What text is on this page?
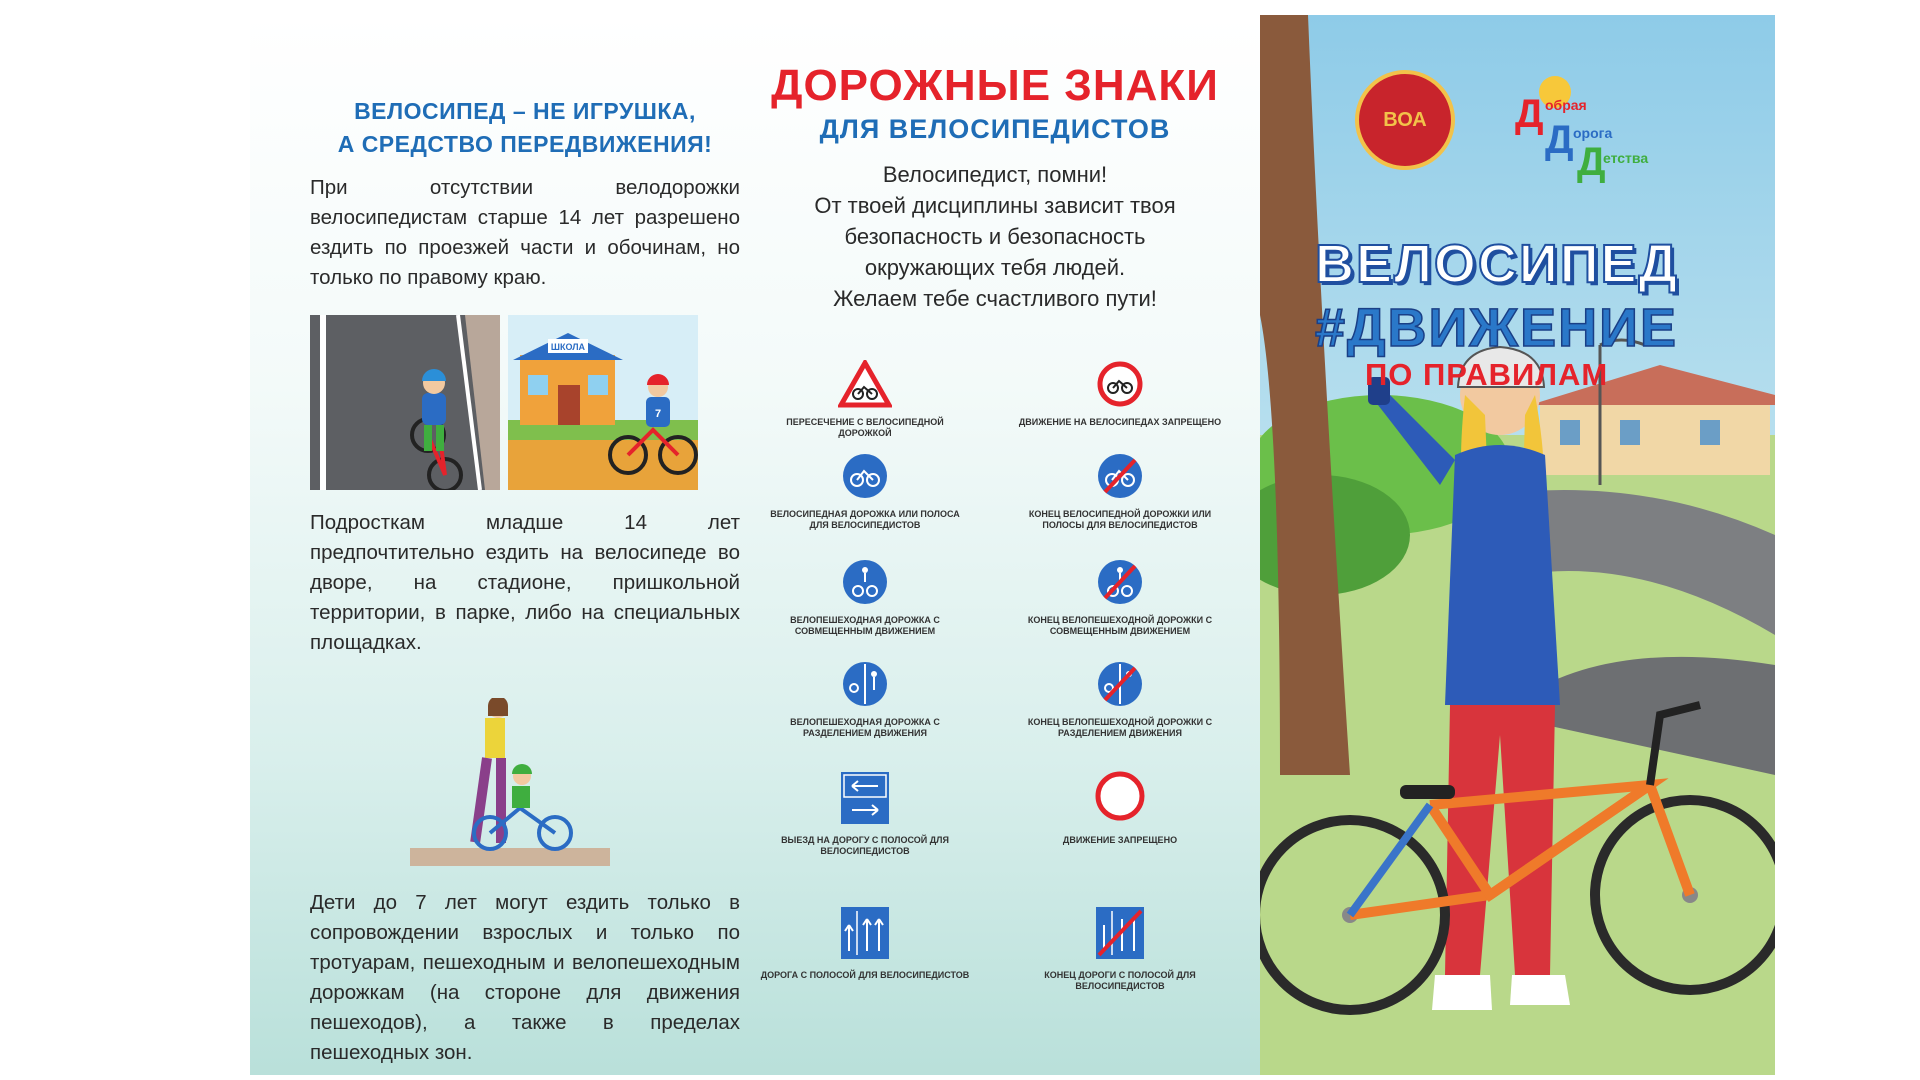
ВЕЛОСИПЕД – НЕ ИГРУШКА,
А СРЕДСТВО ПЕРЕДВИЖЕНИЯ!
При отсутствии велодорожки велосипедистам старше 14 лет разрешено ездить по проезжей части и обочинам, но только по правому краю.
ШКОЛА
7
Подросткам младше 14 лет предпочтительно ездить на велосипеде во дворе, на стадионе, пришкольной территории, в парке, либо на специальных площадках.
Дети до 7 лет могут ездить только в сопровождении взрослых и только по тротуарам, пешеходным и велопешеходным дорожкам (на стороне для движения пешеходов), а также в пределах пешеходных зон.
ДОРОЖНЫЕ ЗНАКИ
ДЛЯ ВЕЛОСИПЕДИСТОВ
Велосипедист, помни!
От твоей дисциплины зависит твоя
безопасность и безопасность
окружающих тебя людей.
Желаем тебе счастливого пути!
ПЕРЕСЕЧЕНИЕ С ВЕЛОСИПЕДНОЙ ДОРОЖКОЙ
ДВИЖЕНИЕ НА ВЕЛОСИПЕДАХ ЗАПРЕЩЕНО
ВЕЛОСИПЕДНАЯ ДОРОЖКА ИЛИ ПОЛОСА ДЛЯ ВЕЛОСИПЕДИСТОВ
КОНЕЦ ВЕЛОСИПЕДНОЙ ДОРОЖКИ ИЛИ ПОЛОСЫ ДЛЯ ВЕЛОСИПЕДИСТОВ
ВЕЛОПЕШЕХОДНАЯ ДОРОЖКА С СОВМЕЩЕННЫМ ДВИЖЕНИЕМ
КОНЕЦ ВЕЛОПЕШЕХОДНОЙ ДОРОЖКИ С СОВМЕЩЕННЫМ ДВИЖЕНИЕМ
ВЕЛОПЕШЕХОДНАЯ ДОРОЖКА С РАЗДЕЛЕНИЕМ ДВИЖЕНИЯ
КОНЕЦ ВЕЛОПЕШЕХОДНОЙ ДОРОЖКИ С РАЗДЕЛЕНИЕМ ДВИЖЕНИЯ
ВЫЕЗД НА ДОРОГУ С ПОЛОСОЙ ДЛЯ ВЕЛОСИПЕДИСТОВ
ДВИЖЕНИЕ ЗАПРЕЩЕНО
ДОРОГА С ПОЛОСОЙ ДЛЯ ВЕЛОСИПЕДИСТОВ	КОНЕЦ ДОРОГИ С ПОЛОСОЙ ДЛЯ ВЕЛОСИПЕДИСТОВ
ВОА Д обрая
Д орога
Д
етства
ВЕЛОСИПЕД
#ДВИЖЕНИЕ
ПО ПРАВИЛАМ
